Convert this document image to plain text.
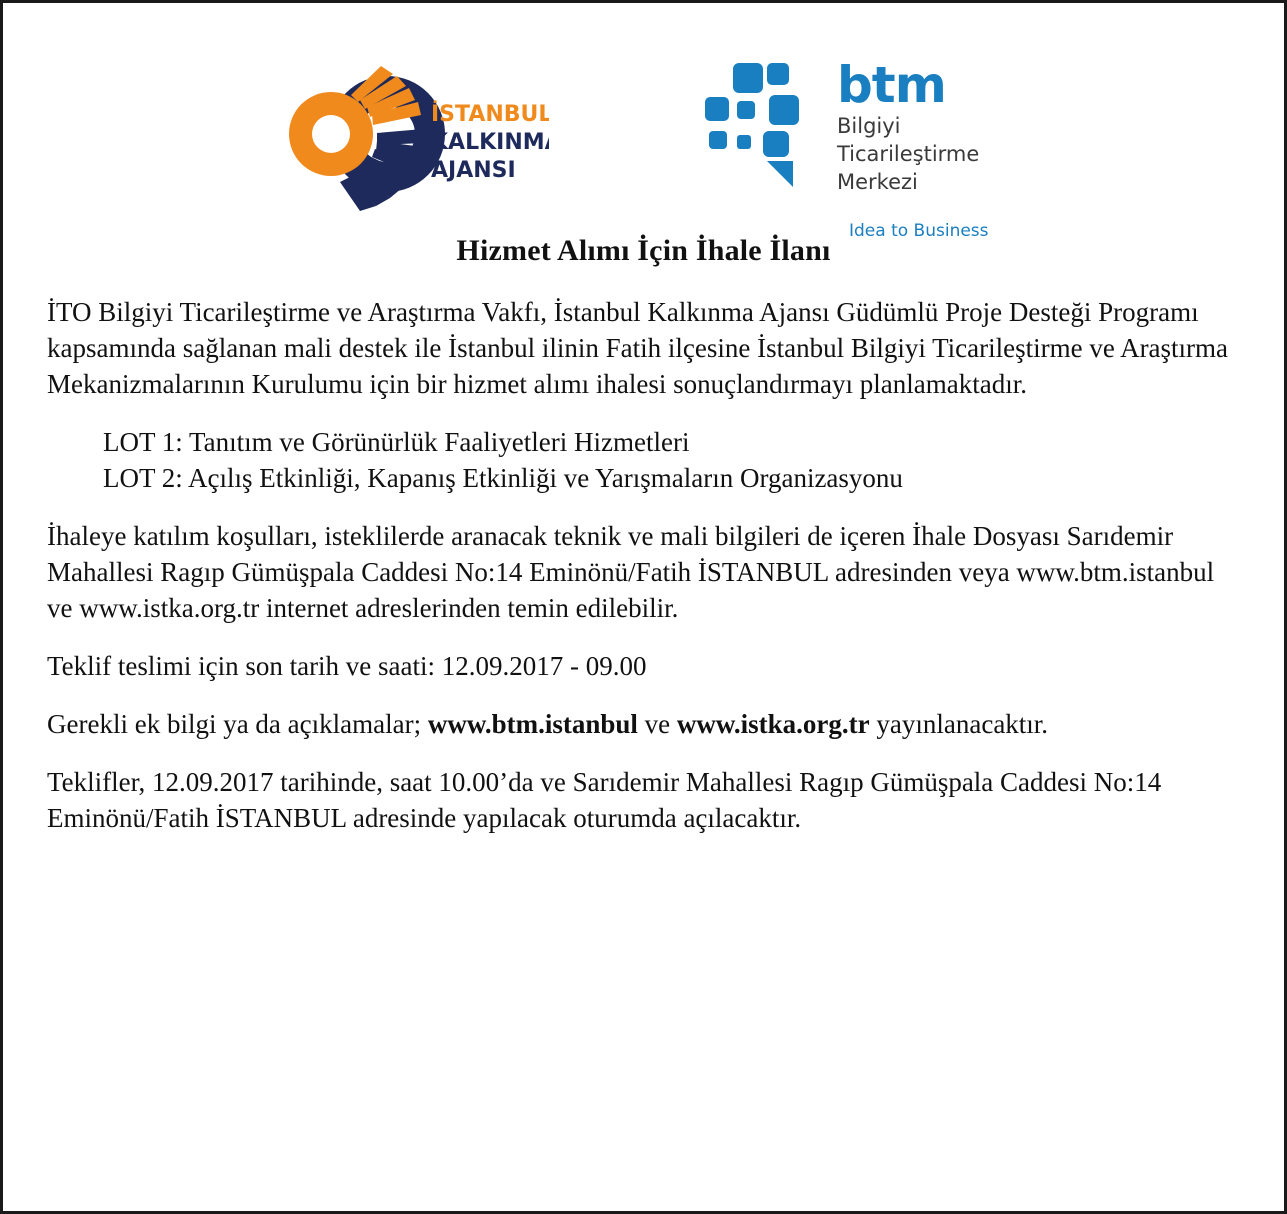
İSTANBUL
KALKINMA
AJANSI
btm
Bilgiyi
Ticarileştirme
Merkezi
Idea to Business
Hizmet Alımı İçin İhale İlanı

İTO Bilgiyi Ticarileştirme ve Araştırma Vakfı, İstanbul Kalkınma Ajansı Güdümlü Proje Desteği Programı kapsamında sağlanan mali destek ile İstanbul ilinin Fatih ilçesine İstanbul Bilgiyi Ticarileştirme ve Araştırma Mekanizmalarının Kurulumu için bir hizmet alımı ihalesi sonuçlandırmayı planlamaktadır.

LOT 1: Tanıtım ve Görünürlük Faaliyetleri Hizmetleri
LOT 2: Açılış Etkinliği, Kapanış Etkinliği ve Yarışmaların Organizasyonu

İhaleye katılım koşulları, isteklilerde aranacak teknik ve mali bilgileri de içeren İhale Dosyası Sarıdemir Mahallesi Ragıp Gümüşpala Caddesi No:14 Eminönü/Fatih İSTANBUL adresinden veya www.btm.istanbul ve www.istka.org.tr internet adreslerinden temin edilebilir.

Teklif teslimi için son tarih ve saati: 12.09.2017 - 09.00

Gerekli ek bilgi ya da açıklamalar; www.btm.istanbul ve www.istka.org.tr yayınlanacaktır.

Teklifler, 12.09.2017 tarihinde, saat 10.00’da ve Sarıdemir Mahallesi Ragıp Gümüşpala Caddesi No:14 Eminönü/Fatih İSTANBUL adresinde yapılacak oturumda açılacaktır.
